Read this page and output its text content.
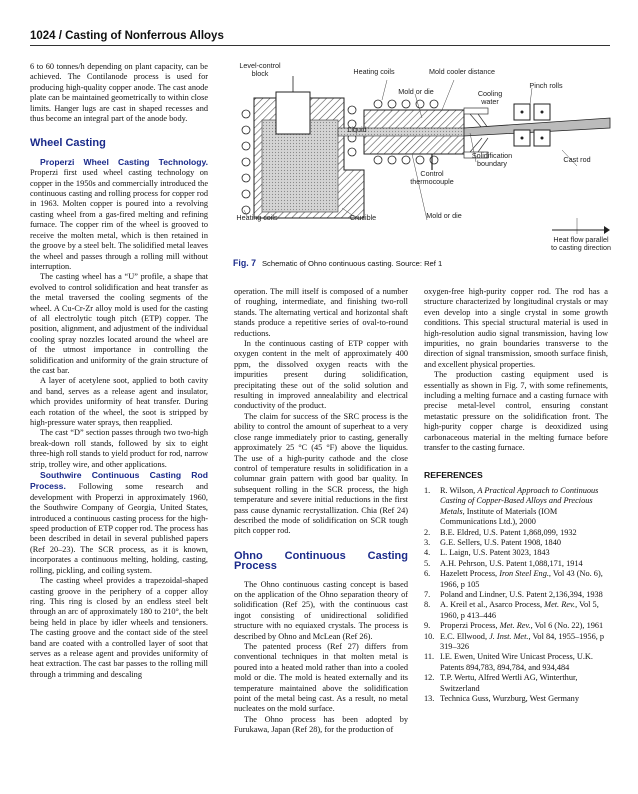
1024 / Casting of Nonferrous Alloys

6 to 60 tonnes/h depending on plant capacity, can be achieved. The Contilanode process is used for producing high-quality copper anode. The cast anode plate can be maintained geometrically to within close limits. Hanger lugs are cast in shaped recesses and thus become an integral part of the anode body.

Wheel Casting

Properzi Wheel Casting Technology. Properzi first used wheel casting technology on copper in the 1950s and commercially introduced the continuous casting and rolling process for copper rod in 1963. Molten copper is poured into a revolving casting wheel from a gas-fired melting and refining furnace. The copper rim of the wheel is grooved to receive the molten metal, which is then retained in the groove by a steel belt. The solidified metal leaves the wheel and passes through a rolling mill without interruption.

The casting wheel has a “U” profile, a shape that evolved to control solidification and heat transfer as the metal traversed the cooling segments of the wheel. A Cu-Cr-Zr alloy mold is used for the casting of all electrolytic tough pitch (ETP) copper. The position, alignment, and adjustment of the individual cooling spray nozzles located around the wheel are of the utmost importance in controlling the solidification and uniformity of the grain structure of the cast bar.

A layer of acetylene soot, applied to both cavity and band, serves as a release agent and insulator, which provides uniformity of heat transfer. During each rotation of the wheel, the soot is stripped by high-pressure water sprays, then reapplied.

The cast “D” section passes through two two-high break-down roll stands, followed by six to eight three-high roll stands to yield product for rod, narrow strip, trolley wire, and other applications.

Southwire Continuous Casting Rod Process. Following some research and development with Properzi in approximately 1960, the Southwire Company of Georgia, United States, introduced a continuous casting process for the high-speed production of ETP copper rod. The process has been described in detail in several published papers (Ref 20–23). The SCR process, as it is known, incorporates a continuous melting, holding, casting, rolling, pickling, and coiling system.

The casting wheel provides a trapezoidal-shaped casting groove in the periphery of a copper alloy ring. This ring is closed by an endless steel belt through an arc of approximately 180 to 210°, the belt being held in place by idler wheels and tensioners. The casting groove and the contact side of the steel band are coated with a controlled layer of soot that serves as a release agent and provides uniformity of heat extraction. The cast bar passes to the rolling mill through a trimming and descaling

Level-control block	Heating coils	Mold cooler distance
Mold or die	Cooling water
Pinch rolls
Liquid
Solidification boundary	Cast rod
Control thermocouple
Heating coils	Crucible	Mold or die
Heat flow parallel to casting direction
Fig. 7 Schematic of Ohno continuous casting. Source: Ref 1

operation. The mill itself is composed of a number of roughing, intermediate, and finishing two-roll stands. The alternating vertical and horizontal shaft stands produce a repetitive series of oval-to-round reductions.

In the continuous casting of ETP copper with oxygen content in the melt of approximately 400 ppm, the dissolved oxygen reacts with the impurities present during solidification, precipitating these out of the solid solution and resulting in improved annealability and electrical conductivity of the product.

The claim for success of the SRC process is the ability to control the amount of superheat to a very close range immediately prior to casting, generally approximately 25 °C (45 °F) above the liquidus. The use of a high-purity cathode and the close control of temperature results in solidification in a columnar grain pattern with good bar quality. In subsequent rolling in the SCR process, the high temperature and severe initial reductions in the first pass cause dynamic recrystallization. Chia (Ref 24) described the mode of solidification on SCR tough pitch copper rod.

Ohno Continuous Casting Process

The Ohno continuous casting concept is based on the application of the Ohno separation theory of solidification (Ref 25), with the continuous cast ingot consisting of unidirectional solidified structure with no equiaxed crystals. The process is described by Ohno and McLean (Ref 26).

The patented process (Ref 27) differs from conventional techniques in that molten metal is poured into a heated mold rather than into a cooled mold or die. The mold is heated externally and its temperature maintained above the solidification point of the metal being cast. As a result, no metal nucleates on the mold surface.

The Ohno process has been adopted by Furukawa, Japan (Ref 28), for the production of

oxygen-free high-purity copper rod. The rod has a structure characterized by longitudinal crystals or may even develop into a single crystal in some growth conditions. This special structural material is used in high-resolution audio signal transmission, having low impurities, no grain boundaries transverse to the direction of signal transmission, smooth surface finish, and excellent physical properties.

The production casting equipment used is essentially as shown in Fig. 7, with some refinements, including a melting furnace and a casting furnace with precise metal-level control, ensuring constant metastatic pressure on the solidification front. The high-purity copper charge is deoxidized using carbonaceous material in the melting furnace before transfer to the casting furnace.

REFERENCES
1.	R. Wilson, A Practical Approach to Continuous Casting of Copper-Based Alloys and Precious Metals, Institute of Materials (IOM Communications Ltd.), 2000
2.	B.E. Eldred, U.S. Patent 1,868,099, 1932
3.	G.E. Sellers, U.S. Patent 1908, 1840
4.	L. Laign, U.S. Patent 3023, 1843
5.	A.H. Pehrson, U.S. Patent 1,088,171, 1914
6.	Hazelett Process, Iron Steel Eng., Vol 43 (No. 6), 1966, p 105
7.	Poland and Lindner, U.S. Patent 2,136,394, 1938
8.	A. Kreil et al., Asarco Process, Met. Rev., Vol 5, 1960, p 413–446
9.	Properzi Process, Met. Rev., Vol 6 (No. 22), 1961
10. E.C. Ellwood, J. Inst. Met., Vol 84, 1955–1956, p 319–326
11. I.E. Ewen, United Wire Unicast Process, U.K. Patents 894,783, 894,784, and 934,484
12. T.P. Wertu, Alfred Wertli AG, Winterthur, Switzerland
13. Technica Guss, Wurzburg, West Germany
